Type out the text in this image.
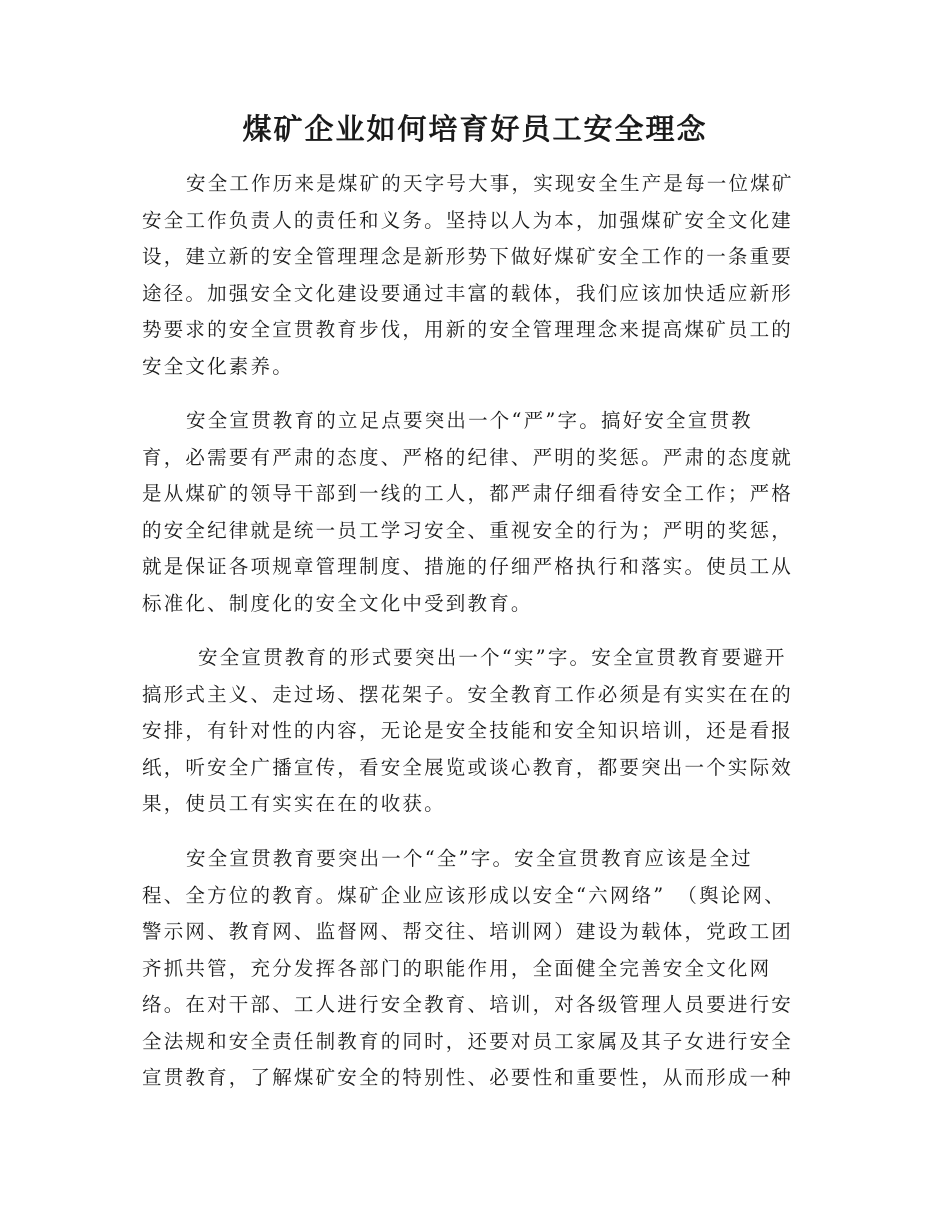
煤矿企业如何培育好员工安全理念
安全工作历来是煤矿的天字号大事，实现安全生产是每一位煤矿
安全工作负责人的责任和义务。坚持以人为本，加强煤矿安全文化建
设，建立新的安全管理理念是新形势下做好煤矿安全工作的一条重要
途径。加强安全文化建设要通过丰富的载体，我们应该加快适应新形
势要求的安全宣贯教育步伐，用新的安全管理理念来提高煤矿员工的
安全文化素养。
安全宣贯教育的立足点要突出一个“严”字。搞好安全宣贯教
育，必需要有严肃的态度、严格的纪律、严明的奖惩。严肃的态度就
是从煤矿的领导干部到一线的工人，都严肃仔细看待安全工作；严格
的安全纪律就是统一员工学习安全、重视安全的行为；严明的奖惩，
就是保证各项规章管理制度、措施的仔细严格执行和落实。使员工从
标准化、制度化的安全文化中受到教育。
安全宣贯教育的形式要突出一个“实”字。安全宣贯教育要避开
搞形式主义、走过场、摆花架子。安全教育工作必须是有实实在在的
安排，有针对性的内容，无论是安全技能和安全知识培训，还是看报
纸，听安全广播宣传，看安全展览或谈心教育，都要突出一个实际效
果，使员工有实实在在的收获。
安全宣贯教育要突出一个“全”字。安全宣贯教育应该是全过
程、全方位的教育。煤矿企业应该形成以安全“六网络”　（舆论网、
警示网、教育网、监督网、帮交往、培训网）建设为载体，党政工团
齐抓共管，充分发挥各部门的职能作用，全面健全完善安全文化网
络。在对干部、工人进行安全教育、培训，对各级管理人员要进行安
全法规和安全责任制教育的同时，还要对员工家属及其子女进行安全
宣贯教育，了解煤矿安全的特别性、必要性和重要性，从而形成一种
